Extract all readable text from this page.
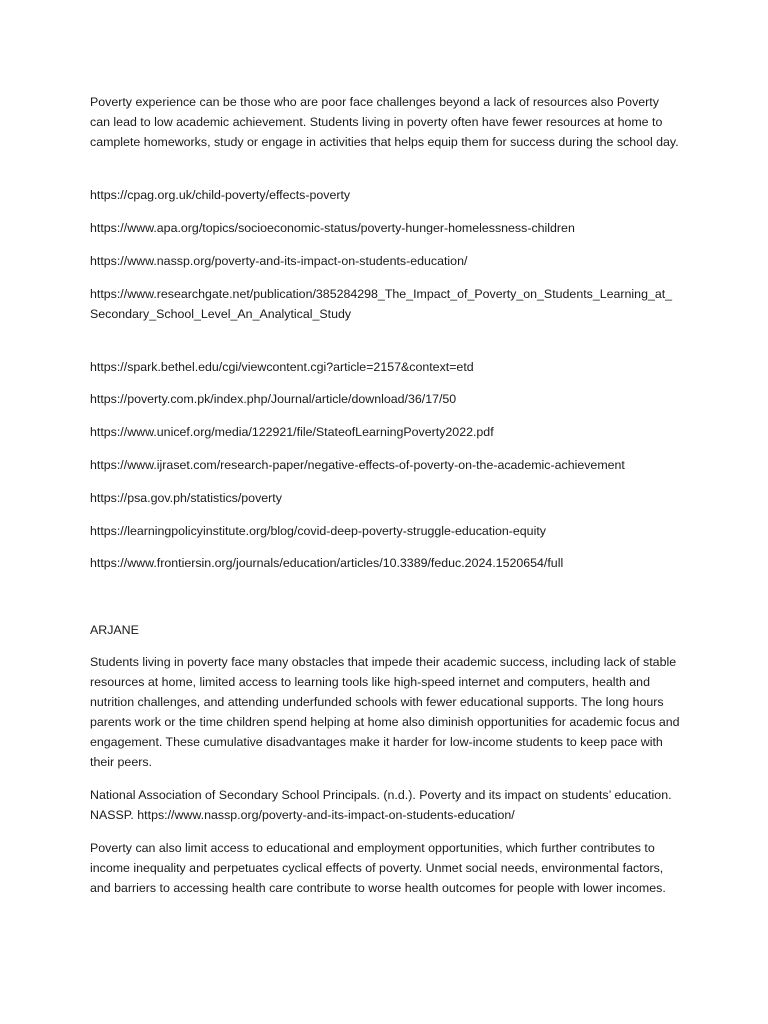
Poverty experience can be those who are poor face challenges beyond a lack of resources also Poverty can lead to low academic achievement. Students living in poverty often have fewer resources at home to camplete homeworks, study or engage in activities that helps equip them for success during the school day.

https://cpag.org.uk/child-poverty/effects-poverty

https://www.apa.org/topics/socioeconomic-status/poverty-hunger-homelessness-children

https://www.nassp.org/poverty-and-its-impact-on-students-education/

https://www.researchgate.net/publication/385284298_The_Impact_of_Poverty_on_Students_Learning_at_Secondary_School_Level_An_Analytical_Study

https://spark.bethel.edu/cgi/viewcontent.cgi?article=2157&context=etd

https://poverty.com.pk/index.php/Journal/article/download/36/17/50

https://www.unicef.org/media/122921/file/StateofLearningPoverty2022.pdf

https://www.ijraset.com/research-paper/negative-effects-of-poverty-on-the-academic-achievement

https://psa.gov.ph/statistics/poverty

https://learningpolicyinstitute.org/blog/covid-deep-poverty-struggle-education-equity

https://www.frontiersin.org/journals/education/articles/10.3389/feduc.2024.1520654/full

ARJANE

Students living in poverty face many obstacles that impede their academic success, including lack of stable resources at home, limited access to learning tools like high-speed internet and computers, health and nutrition challenges, and attending underfunded schools with fewer educational supports. The long hours parents work or the time children spend helping at home also diminish opportunities for academic focus and engagement. These cumulative disadvantages make it harder for low-income students to keep pace with their peers.

National Association of Secondary School Principals. (n.d.). Poverty and its impact on students’ education. NASSP. https://www.nassp.org/poverty-and-its-impact-on-students-education/

Poverty can also limit access to educational and employment opportunities, which further contributes to income inequality and perpetuates cyclical effects of poverty. Unmet social needs, environmental factors, and barriers to accessing health care contribute to worse health outcomes for people with lower incomes.
